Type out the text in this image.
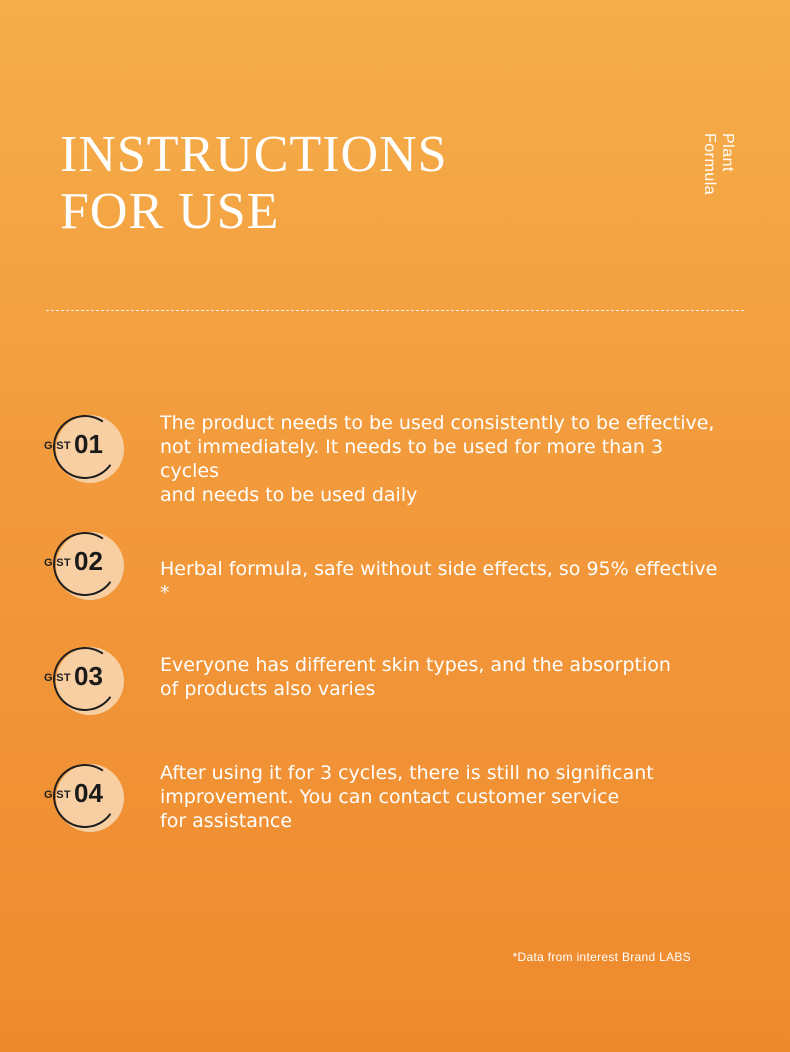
INSTRUCTIONS
FOR USE
Plant
Formula
GIST 01
The product needs to be used consistently to be effective,
not immediately. It needs to be used for more than 3 cycles
and needs to be used daily
GIST 02	Herbal formula, safe without side effects, so 95% effective *
GIST 03	Everyone has different skin types, and the absorption
of products also varies
GIST 04
After using it for 3 cycles, there is still no significant
improvement. You can contact customer service
for assistance
*Data from interest Brand LABS
